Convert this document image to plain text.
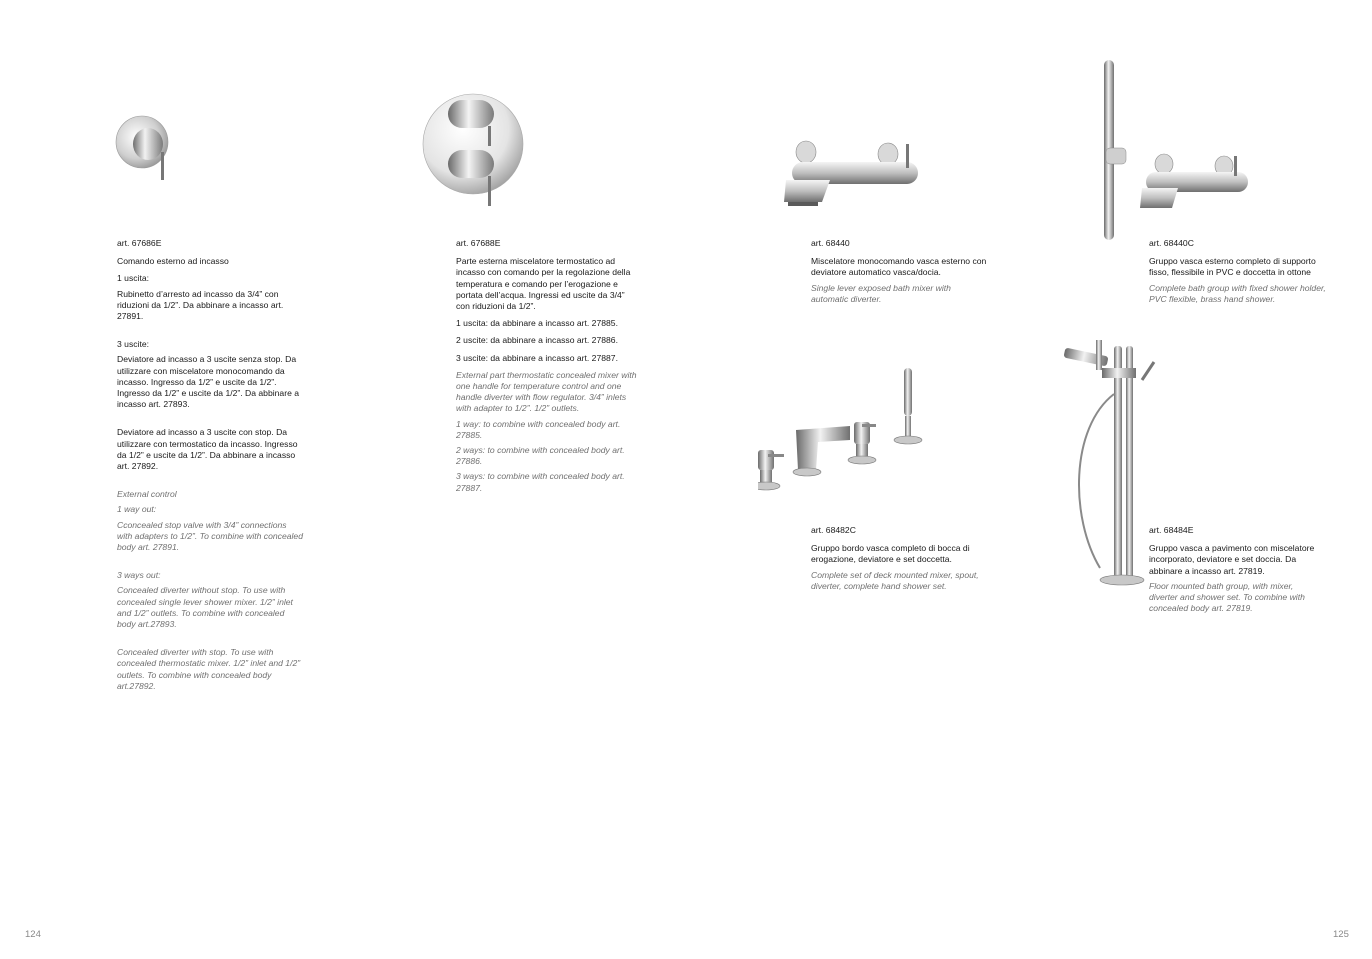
art. 67686E
Comando esterno ad incasso
1 uscita:
Rubinetto d’arresto ad incasso da 3/4” con riduzioni da 1/2”. Da abbinare a incasso art. 27891.
3 uscite:
Deviatore ad incasso a 3 uscite senza stop. Da utilizzare con miscelatore monocomando da incasso. Ingresso da 1/2” e uscite da 1/2”. Ingresso da 1/2” e uscite da 1/2”. Da abbinare a incasso art. 27893.
Deviatore ad incasso a 3 uscite con stop. Da utilizzare con termostatico da incasso. Ingresso da 1/2” e uscite da 1/2”. Da abbinare a incasso art. 27892.
External control
1 way out:
Cconcealed stop valve with 3/4” connections with adapters to 1/2”. To combine with concealed body art. 27891.
3 ways out:
Concealed diverter without stop. To use with concealed single lever shower mixer. 1/2” inlet and 1/2” outlets. To combine with concealed body art.27893.
Concealed diverter with stop. To use with concealed thermostatic mixer. 1/2” inlet and 1/2” outlets. To combine with concealed body art.27892.
art. 67688E
Parte esterna miscelatore termostatico ad incasso con comando per la regolazione della temperatura e comando per l’erogazione e portata dell’acqua. Ingressi ed uscite da 3/4” con riduzioni da 1/2”.
1 uscita: da abbinare a incasso art. 27885.
2 uscite: da abbinare a incasso art. 27886.
3 uscite: da abbinare a incasso art. 27887.
External part thermostatic concealed mixer with one handle for temperature control and one handle diverter with flow regulator. 3/4” inlets with adapter to 1/2”. 1/2” outlets.
1 way: to combine with concealed body art. 27885.
2 ways: to combine with concealed body art. 27886.
3 ways: to combine with concealed body art. 27887.
124
art. 68440
Miscelatore monocomando vasca esterno con deviatore automatico vasca/docia.
Single lever exposed bath mixer with automatic diverter.
art. 68440C
Gruppo vasca esterno completo di supporto fisso, flessibile in PVC e doccetta in ottone
Complete bath group with fixed shower holder, PVC flexible, brass hand shower.
art. 68482C
Gruppo bordo vasca completo di bocca di erogazione, deviatore e set doccetta.
Complete set of deck mounted mixer, spout, diverter, complete hand shower set.
art. 68484E
Gruppo vasca a pavimento con miscelatore incorporato, deviatore e set doccia. Da abbinare a incasso art. 27819.
Floor mounted bath group, with mixer, diverter and shower set. To combine with concealed body art. 27819.
125
